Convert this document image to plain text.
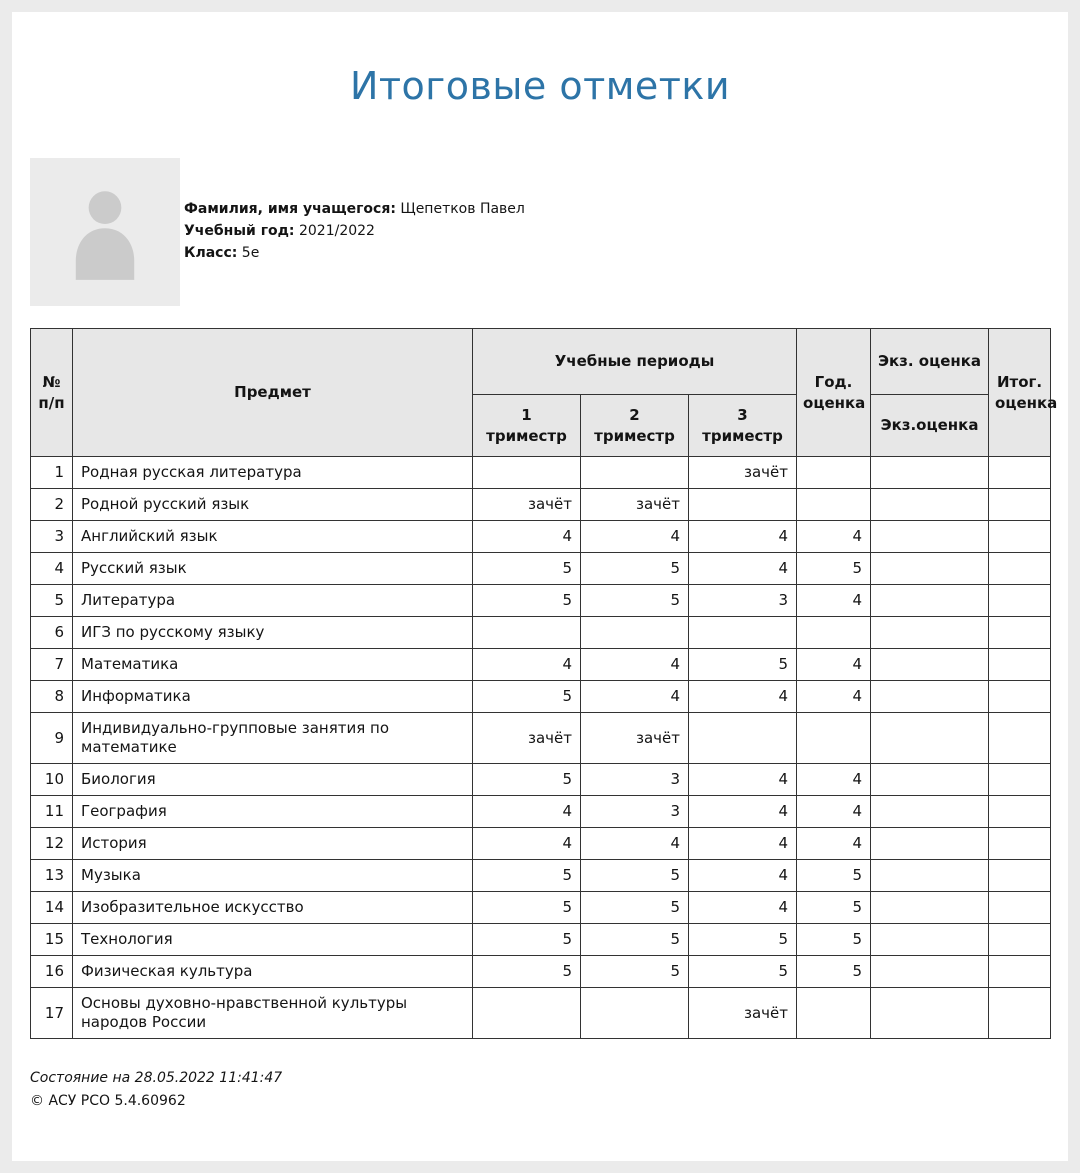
Итоговые отметки
Фамилия, имя учащегося: Щепетков Павел
Учебный год: 2021/2022
Класс: 5е
№ п/п	Предмет	Учебные периоды			Год. оценка	Экз. оценка	Итог. оценка
		1 триместр	2 триместр	3 триместр		Экз.оценка	
1	Родная русская литература			зачёт			
2	Родной русский язык	зачёт	зачёт				
3	Английский язык	4	4	4	4		
4	Русский язык	5	5	4	5		
5	Литература	5	5	3	4		
6	ИГЗ по русскому языку						
7	Математика	4	4	5	4		
8	Информатика	5	4	4	4		
9	Индивидуально-групповые занятия по математике	зачёт	зачёт				
10	Биология	5	3	4	4		
11	География	4	3	4	4		
12	История	4	4	4	4		
13	Музыка	5	5	4	5		
14	Изобразительное искусство	5	5	4	5		
15	Технология	5	5	5	5		
16	Физическая культура	5	5	5	5		
17	Основы духовно-нравственной культуры народов России			зачёт			
Состояние на 28.05.2022 11:41:47
© АСУ РСО 5.4.60962
